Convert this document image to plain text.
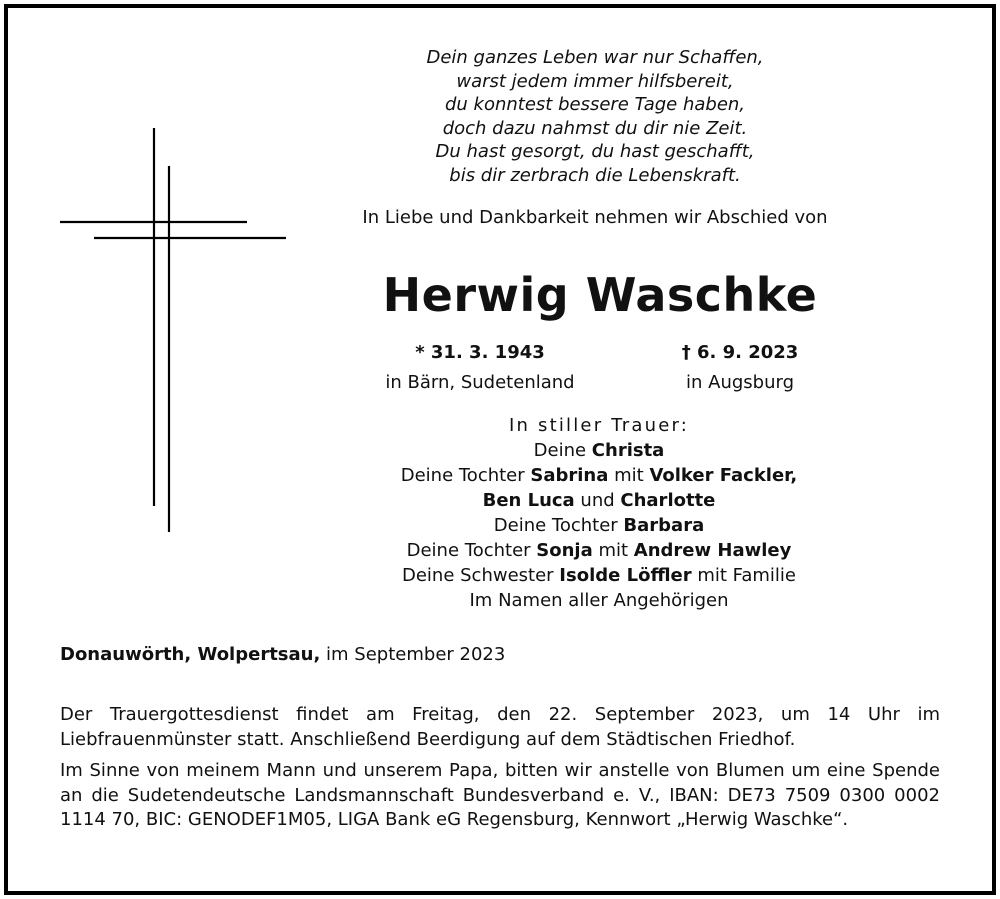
Dein ganzes Leben war nur Schaffen,
warst jedem immer hilfsbereit,
du konntest bessere Tage haben,
doch dazu nahmst du dir nie Zeit.
Du hast gesorgt, du hast geschafft,
bis dir zerbrach die Lebenskraft.
In Liebe und Dankbarkeit nehmen wir Abschied von
Herwig Waschke
* 31. 3. 1943
in Bärn, Sudetenland
† 6. 9. 2023
in Augsburg
In stiller Trauer:
Deine Christa
Deine Tochter Sabrina mit Volker Fackler,
Ben Luca und Charlotte
Deine Tochter Barbara
Deine Tochter Sonja mit Andrew Hawley
Deine Schwester Isolde Löffler mit Familie
Im Namen aller Angehörigen
Donauwörth, Wolpertsau, im September 2023
Der Trauergottesdienst findet am Freitag, den 22. September 2023, um 14 Uhr im Liebfrauenmünster statt. Anschließend Beerdigung auf dem Städtischen Friedhof.
Im Sinne von meinem Mann und unserem Papa, bitten wir anstelle von Blumen um eine Spende an die Sudetendeutsche Landsmannschaft Bundesverband e. V., IBAN: DE73 7509 0300 0002 1114 70, BIC: GENODEF1M05, LIGA Bank eG Regensburg, Kennwort „Herwig Waschke“.
